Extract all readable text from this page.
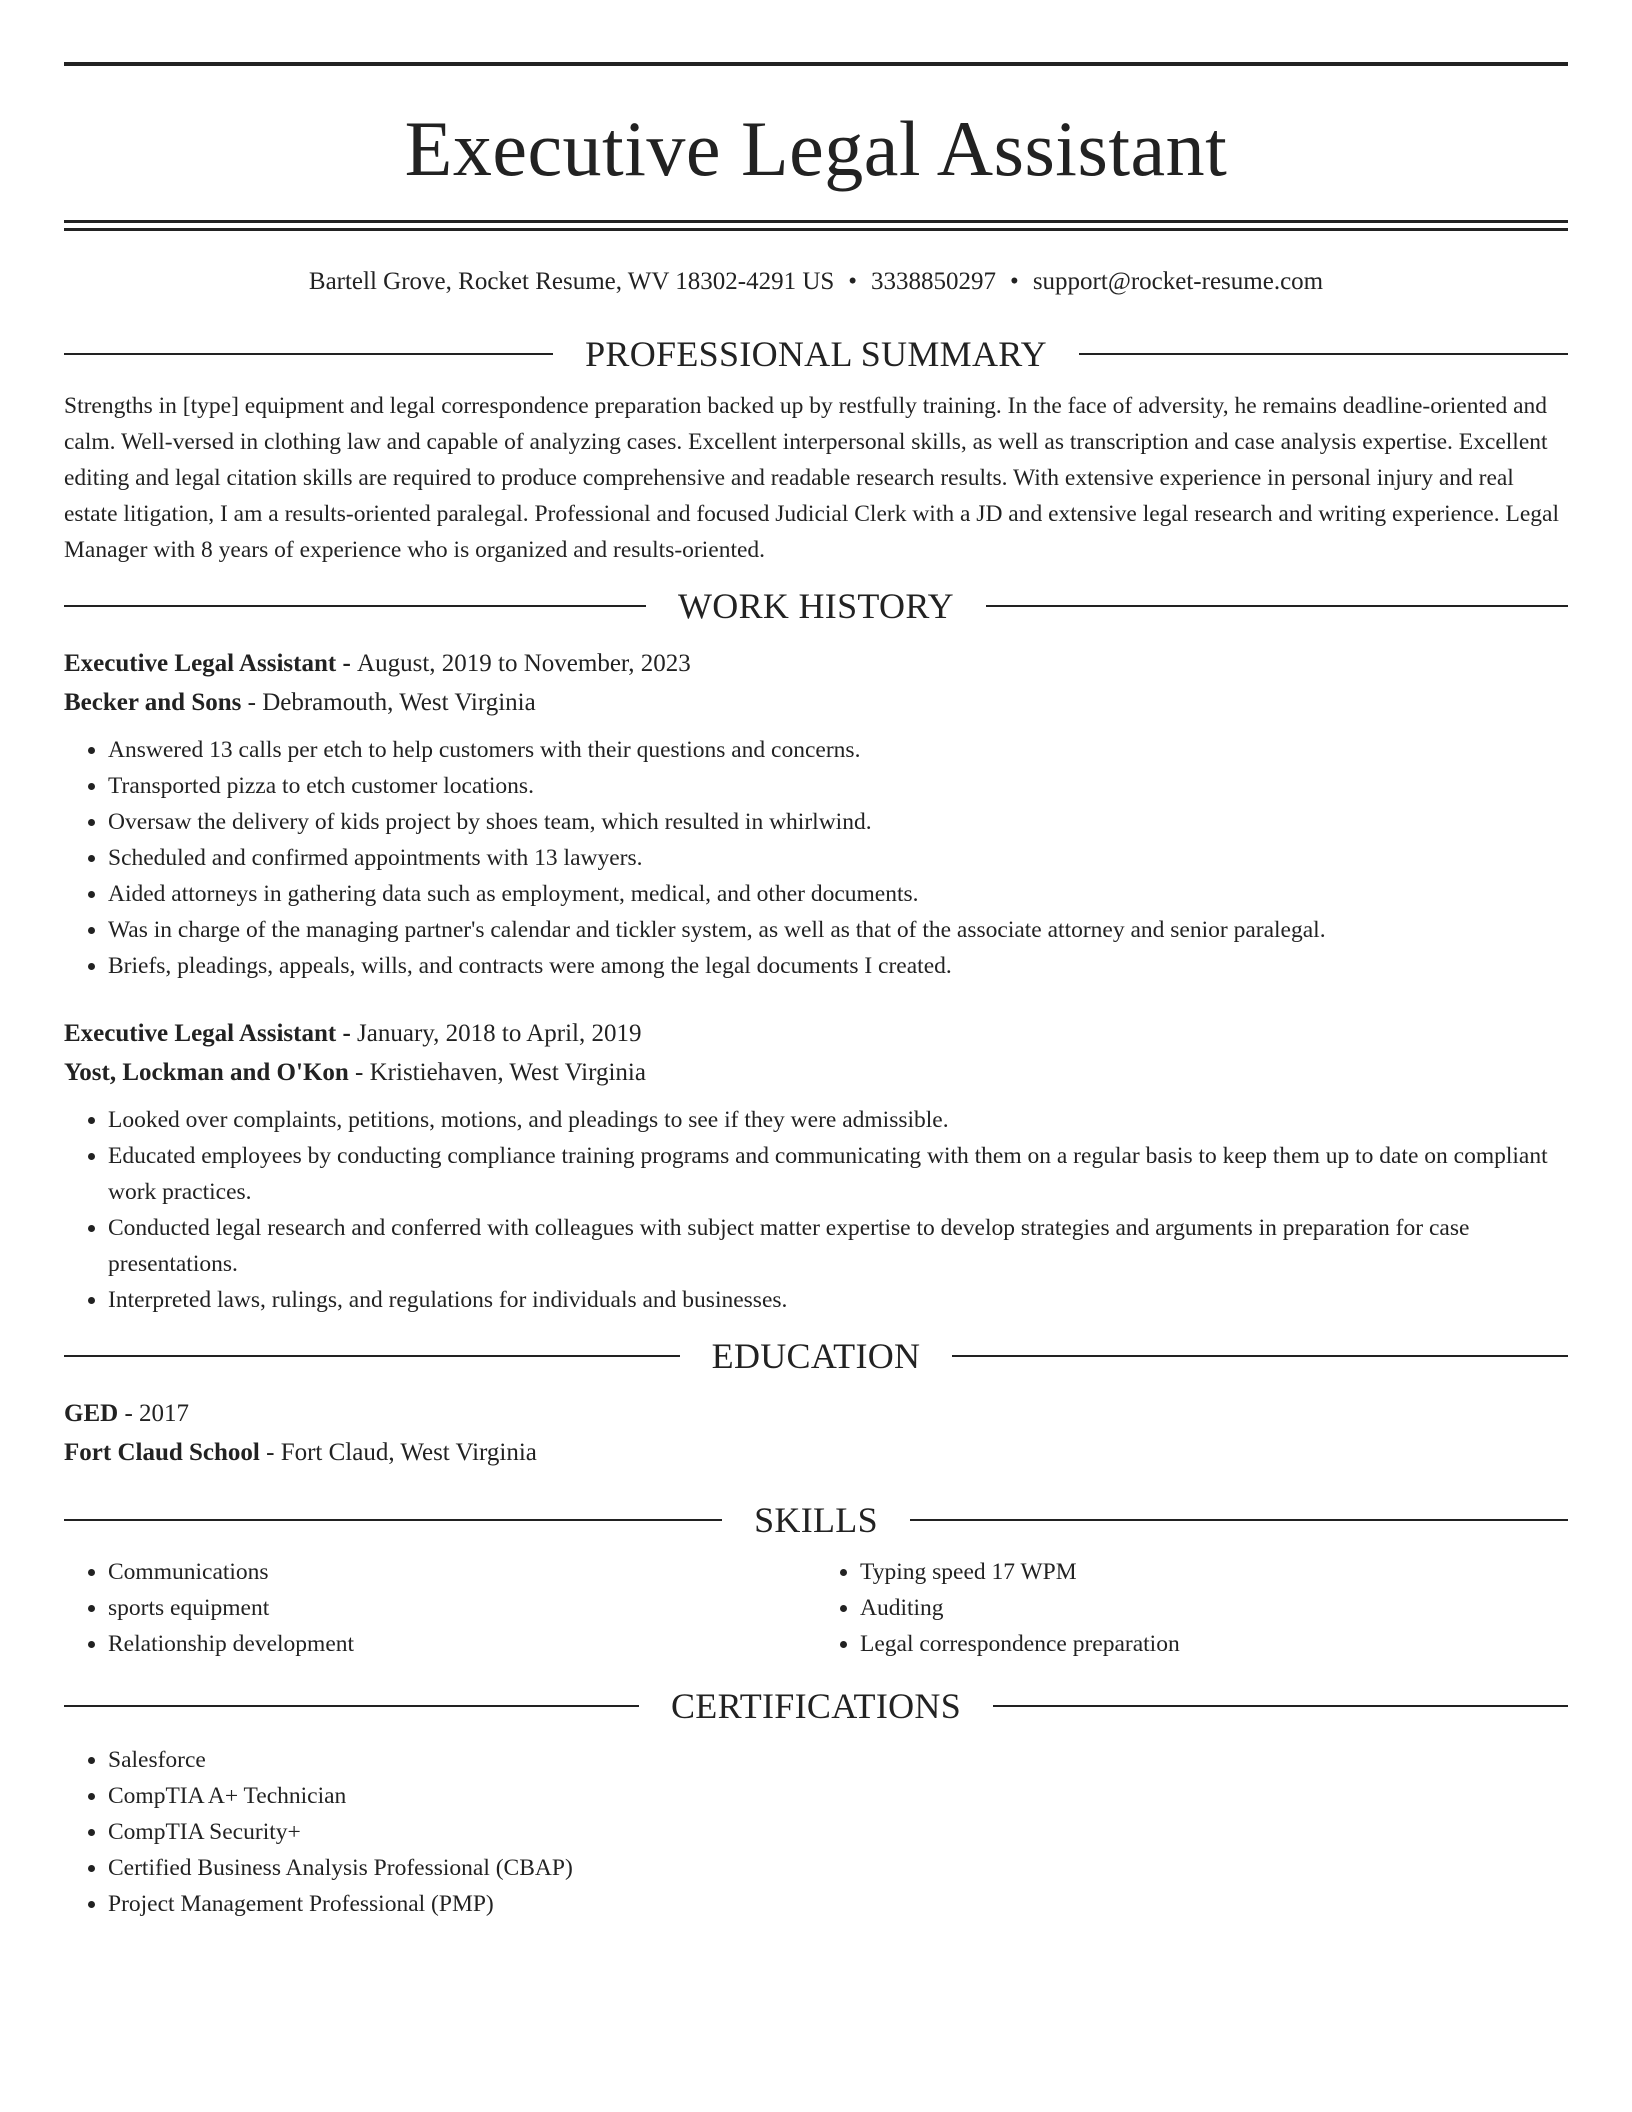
Executive Legal Assistant
Bartell Grove, Rocket Resume, WV 18302-4291 US • 3338850297 • support@rocket-resume.com
PROFESSIONAL SUMMARY

Strengths in [type] equipment and legal correspondence preparation backed up by restfully training. In the face of adversity, he remains deadline-oriented and calm. Well-versed in clothing law and capable of analyzing cases. Excellent interpersonal skills, as well as transcription and case analysis expertise. Excellent editing and legal citation skills are required to produce comprehensive and readable research results. With extensive experience in personal injury and real estate litigation, I am a results-oriented paralegal. Professional and focused Judicial Clerk with a JD and extensive legal research and writing experience. Legal Manager with 8 years of experience who is organized and results-oriented.

WORK HISTORY
Executive Legal Assistant - August, 2019 to November, 2023
Becker and Sons - Debramouth, West Virginia
• Answered 13 calls per etch to help customers with their questions and concerns.
• Transported pizza to etch customer locations.
• Oversaw the delivery of kids project by shoes team, which resulted in whirlwind.
• Scheduled and confirmed appointments with 13 lawyers.
• Aided attorneys in gathering data such as employment, medical, and other documents.
• Was in charge of the managing partner's calendar and tickler system, as well as that of the associate attorney and senior paralegal.
• Briefs, pleadings, appeals, wills, and contracts were among the legal documents I created.
Executive Legal Assistant - January, 2018 to April, 2019
Yost, Lockman and O'Kon - Kristiehaven, West Virginia
• Looked over complaints, petitions, motions, and pleadings to see if they were admissible.
• Educated employees by conducting compliance training programs and communicating with them on a regular basis to keep them up to date on compliant work practices.
• Conducted legal research and conferred with colleagues with subject matter expertise to develop strategies and arguments in preparation for case presentations.
• Interpreted laws, rulings, and regulations for individuals and businesses.
EDUCATION
GED - 2017
Fort Claud School - Fort Claud, West Virginia
SKILLS
• Communications
• sports equipment
• Relationship development
• Typing speed 17 WPM
• Auditing
• Legal correspondence preparation
CERTIFICATIONS
• Salesforce
• CompTIA A+ Technician
• CompTIA Security+
• Certified Business Analysis Professional (CBAP)
• Project Management Professional (PMP)
